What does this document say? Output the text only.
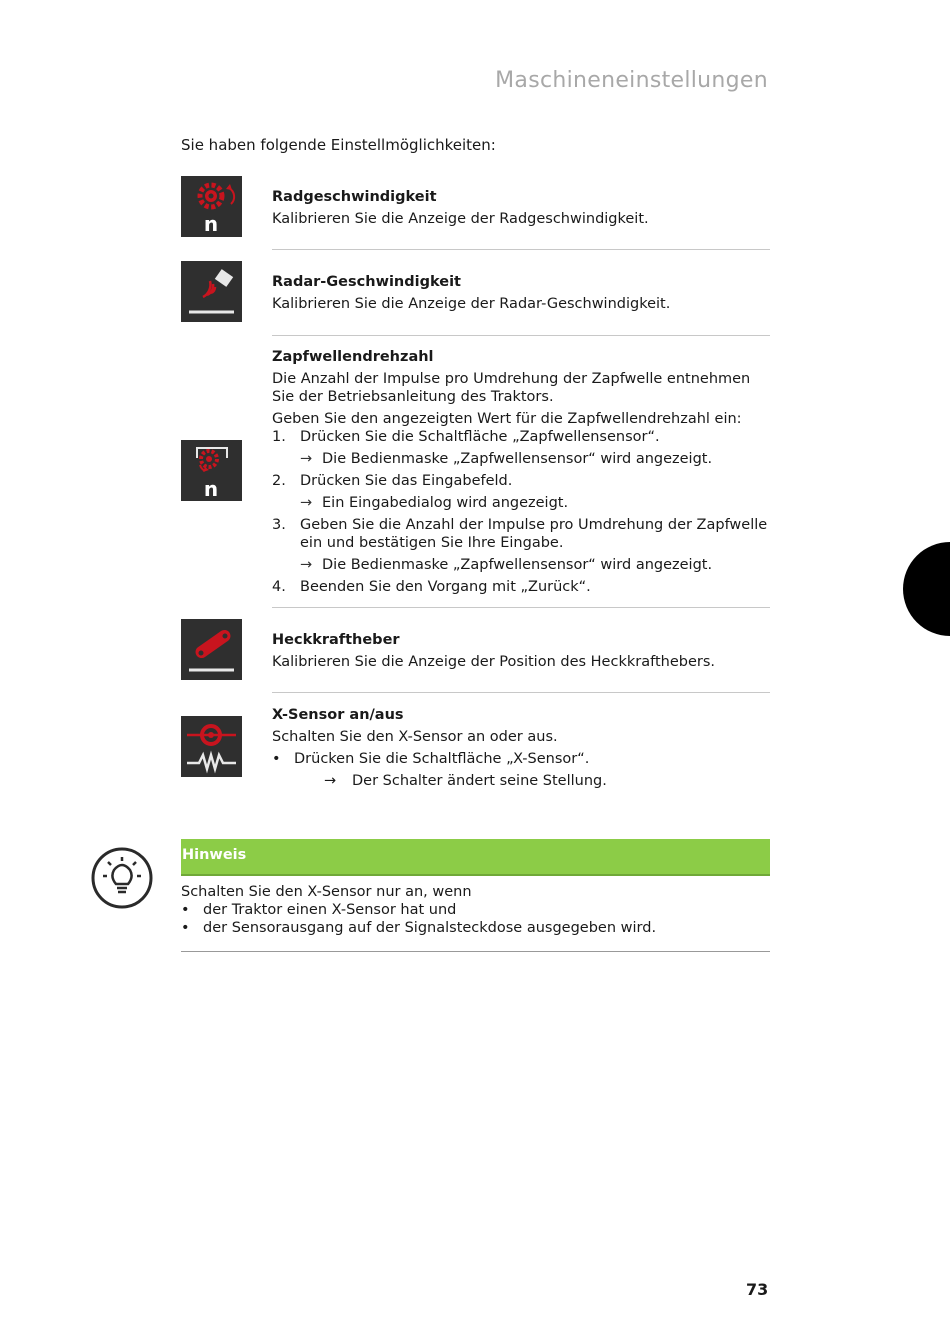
Maschineneinstellungen
Sie haben folgende Einstellmöglichkeiten:
n
Radgeschwindigkeit
Kalibrieren Sie die Anzeige der Radgeschwindigkeit.
Radar-Geschwindigkeit
Kalibrieren Sie die Anzeige der Radar-Geschwindigkeit.
n
Zapfwellendrehzahl
Die Anzahl der Impulse pro Umdrehung der Zapfwelle entnehmen Sie der Betriebsanleitung des Traktors.
Geben Sie den angezeigten Wert für die Zapfwellendrehzahl ein:
1. Drücken Sie die Schaltfläche „Zapfwellensensor“.
→ Die Bedienmaske „Zapfwellensensor“ wird angezeigt.
2. Drücken Sie das Eingabefeld.
→ Ein Eingabedialog wird angezeigt.
3. Geben Sie die Anzahl der Impulse pro Umdrehung der Zapfwelle ein und bestätigen Sie Ihre Eingabe.
→ Die Bedienmaske „Zapfwellensensor“ wird angezeigt.
4. Beenden Sie den Vorgang mit „Zurück“.
Heckkraftheber
Kalibrieren Sie die Anzeige der Position des Heckkrafthebers.
X-Sensor an/aus
Schalten Sie den X-Sensor an oder aus.
• Drücken Sie die Schaltfläche „X-Sensor“.
→	Der Schalter ändert seine Stellung.
Hinweis
Schalten Sie den X-Sensor nur an, wenn
• der Traktor einen X-Sensor hat und
• der Sensorausgang auf der Signalsteckdose ausgegeben wird.
73
